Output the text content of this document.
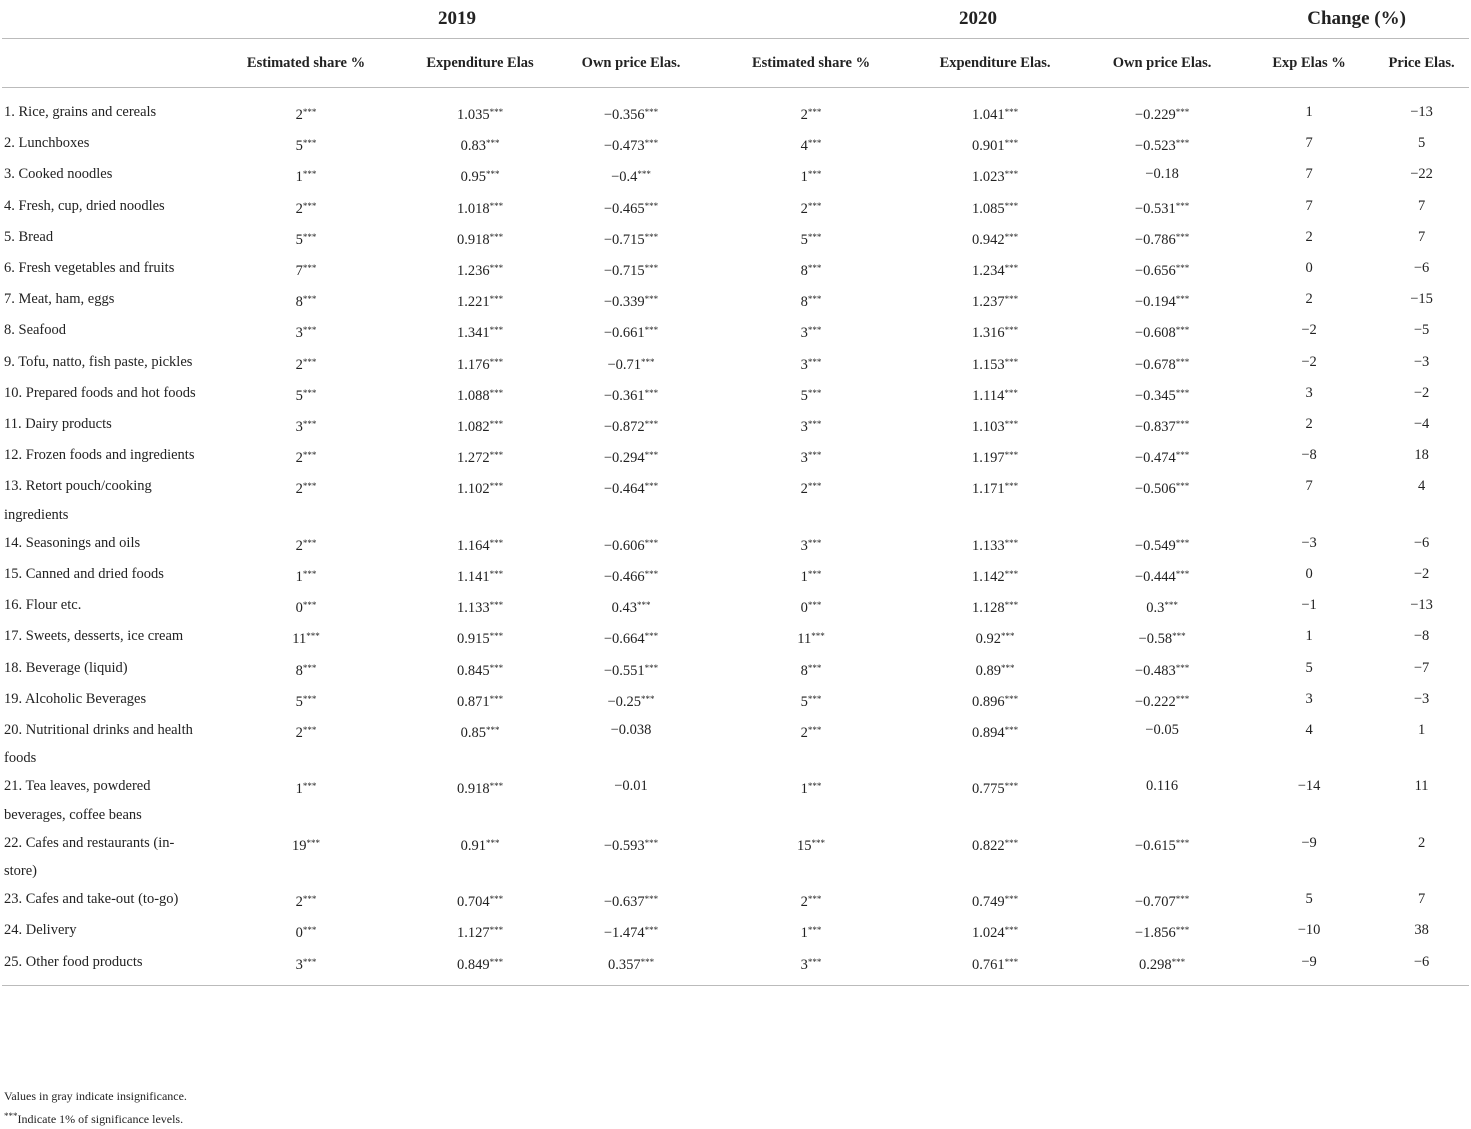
	2019			2020			Change (%)	
	Estimated share %	Expenditure Elas	Own price Elas.	Estimated share %	Expenditure Elas.	Own price Elas.	Exp Elas %	Price Elas.
1. Rice, grains and cereals	2***	1.035***	−0.356***	2***	1.041***	−0.229***	1	−13
2. Lunchboxes	5***	0.83***	−0.473***	4***	0.901***	−0.523***	7	5
3. Cooked noodles	1***	0.95***	−0.4***	1***	1.023***	−0.18	7	−22
4. Fresh, cup, dried noodles	2***	1.018***	−0.465***	2***	1.085***	−0.531***	7	7
5. Bread	5***	0.918***	−0.715***	5***	0.942***	−0.786***	2	7
6. Fresh vegetables and fruits	7***	1.236***	−0.715***	8***	1.234***	−0.656***	0	−6
7. Meat, ham, eggs	8***	1.221***	−0.339***	8***	1.237***	−0.194***	2	−15
8. Seafood	3***	1.341***	−0.661***	3***	1.316***	−0.608***	−2	−5
9. Tofu, natto, fish paste, pickles	2***	1.176***	−0.71***	3***	1.153***	−0.678***	−2	−3
10. Prepared foods and hot foods	5***	1.088***	−0.361***	5***	1.114***	−0.345***	3	−2
11. Dairy products	3***	1.082***	−0.872***	3***	1.103***	−0.837***	2	−4
12. Frozen foods and ingredients	2***	1.272***	−0.294***	3***	1.197***	−0.474***	−8	18
13. Retort pouch/cooking ingredients	2***	1.102***	−0.464***	2***	1.171***	−0.506***	7	4
14. Seasonings and oils	2***	1.164***	−0.606***	3***	1.133***	−0.549***	−3	−6
15. Canned and dried foods	1***	1.141***	−0.466***	1***	1.142***	−0.444***	0	−2
16. Flour etc.	0***	1.133***	0.43***	0***	1.128***	0.3***	−1	−13
17. Sweets, desserts, ice cream	11***	0.915***	−0.664***	11***	0.92***	−0.58***	1	−8
18. Beverage (liquid)	8***	0.845***	−0.551***	8***	0.89***	−0.483***	5	−7
19. Alcoholic Beverages	5***	0.871***	−0.25***	5***	0.896***	−0.222***	3	−3
20. Nutritional drinks and health foods	2***	0.85***	−0.038	2***	0.894***	−0.05	4	1
21. Tea leaves, powdered beverages, coffee beans	1***	0.918***	−0.01	1***	0.775***	0.116	−14	11
22. Cafes and restaurants (in-store)	19***	0.91***	−0.593***	15***	0.822***	−0.615***	−9	2
23. Cafes and take-out (to-go)	2***	0.704***	−0.637***	2***	0.749***	−0.707***	5	7
24. Delivery	0***	1.127***	−1.474***	1***	1.024***	−1.856***	−10	38
25. Other food products	3***	0.849***	0.357***	3***	0.761***	0.298***	−9	−6
Values in gray indicate insignificance.
***Indicate 1% of significance levels.
